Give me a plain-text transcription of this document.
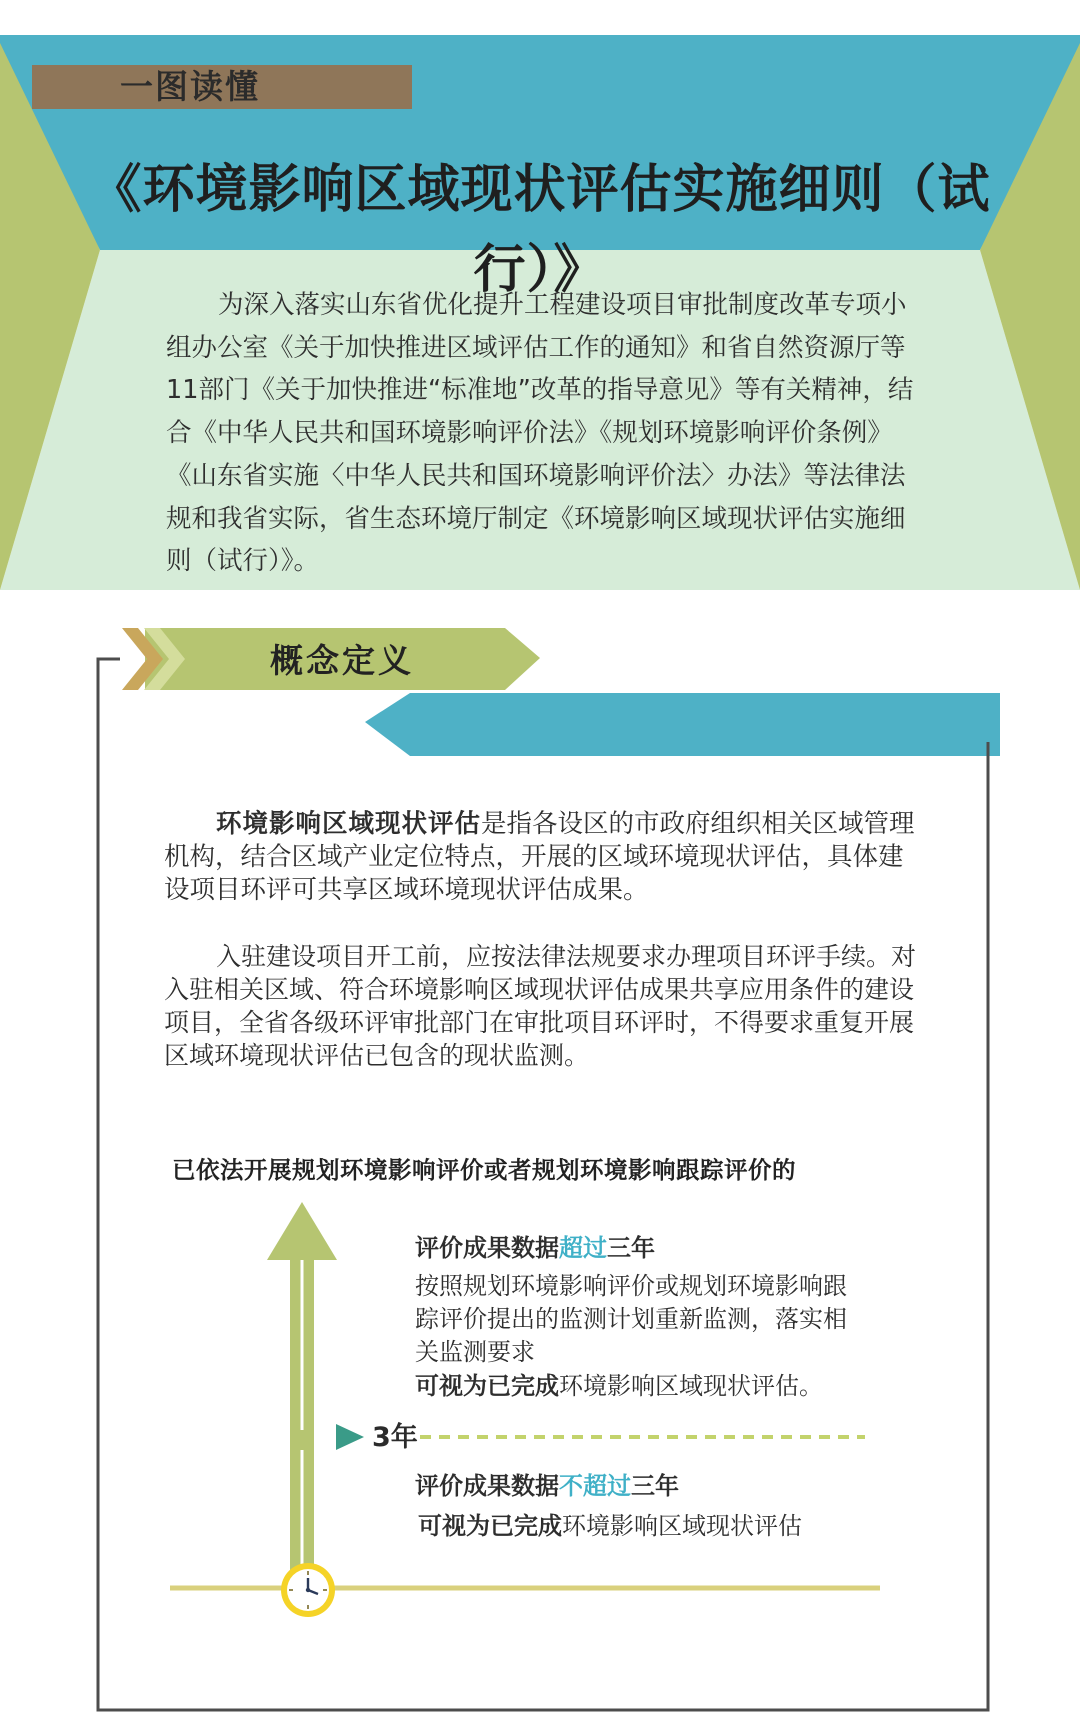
一图读懂
《环境影响区域现状评估实施细则（试行）》
为深入落实山东省优化提升工程建设项目审批制度改革专项小组办公室《关于加快推进区域评估工作的通知》和省自然资源厅等11部门《关于加快推进“标准地”改革的指导意见》等有关精神，结合《中华人民共和国环境影响评价法》《规划环境影响评价条例》《山东省实施〈中华人民共和国环境影响评价法〉办法》等法律法规和我省实际，省生态环境厅制定《环境影响区域现状评估实施细则（试行）》。
概念定义
环境影响区域现状评估是指各设区的市政府组织相关区域管理机构，结合区域产业定位特点，开展的区域环境现状评估，具体建设项目环评可共享区域环境现状评估成果。
入驻建设项目开工前，应按法律法规要求办理项目环评手续。对入驻相关区域、符合环境影响区域现状评估成果共享应用条件的建设项目，全省各级环评审批部门在审批项目环评时，不得要求重复开展区域环境现状评估已包含的现状监测。
已依法开展规划环境影响评价或者规划环境影响跟踪评价的
评价成果数据超过三年
按照规划环境影响评价或规划环境影响跟踪评价提出的监测计划重新监测，落实相关监测要求
可视为已完成环境影响区域现状评估。
3年
评价成果数据不超过三年
可视为已完成环境影响区域现状评估
